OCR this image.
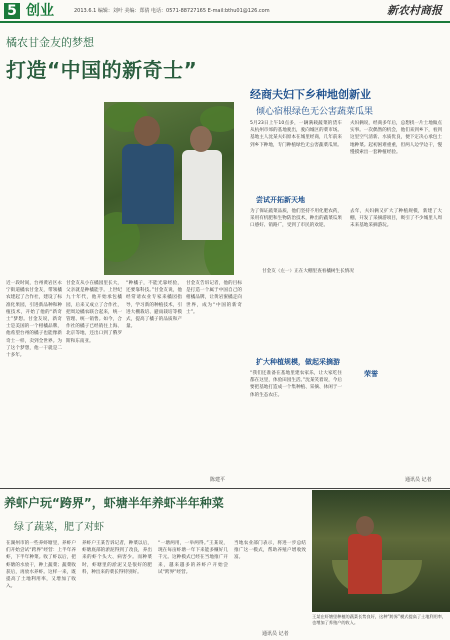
5 创业	2013.6.1 编辑：刘叶 美编：郑倩 电话：0571-88727165 E-mail:bthu01@126.com	新农村商报
橘农甘金友的梦想
打造“中国的新奇士”
甘金友（左一）正在大棚里查看橘树生长情况
近一段时间，台州黄岩区永宁街道橘农甘金友，带领橘农建起了合作社，建设了标准化果园，引进新品种和种植技术，开始了他的“新奇士”梦想。甘金友说，新奇士是美国的一个柑橘品牌，他希望台州的橘子也能像新奇士一样，卖到全世界。为了这个梦想，他一干就是二十多年。
甘金友从小在橘园里长大，父亲就是种橘能手。上世纪九十年代，他开始承包橘园，后来又成立了合作社，把周边橘农联合起来，统一管理、统一销售。如今，合作社的橘子已经销往上海、北京等地，还出口到了俄罗斯和东南亚。
“种橘子，不能光靠经验，还要靠科技。”甘金友说，他经常请农业专家来橘园指导，学习新的种植技术，引进大棚栽培、避雨栽培等模式，提高了橘子的品质和产量。
甘金友告诉记者，他的目标是打造一个属于中国自己的柑橘品牌，让黄岩蜜橘走向世界，成为“中国的新奇士”。
陈建平
经商夫妇下乡种地创新业
倾心宿根绿色无公害蔬菜瓜果
5月23日上午10点多，一辆满载蔬菜的货车从杭州市郊的基地驶出，驶向城区的菜市场。基地主人沈某夫妇原本在城里经商，几年前来到乡下种地，专门种植绿色无公害蔬菜瓜果。
夫妇俩说，经商多年后，总想找一片土地做点实事。一次偶然的机会，他们来到乡下，看到这里空气清新、水质优良，便下定决心承包土地种菜。起初困难重重，但两人边学边干，慢慢摸索出一套种植经验。
尝试开拓新天地
为了保证蔬菜品质，他们坚持不用化肥农药，采用有机肥和生物防治技术，种出的蔬菜瓜果口感好、销路广，受到了市民的欢迎。
去年，夫妇俩又扩大了种植规模，新建了大棚，开发了采摘游项目，吸引了不少城里人周末来基地采摘游玩。
扩大种植规模，做起采摘游
“我们还准备在基地里建农家乐，让大家吃住都在这里，体验田园生活。”沈某笑着说，今后要把基地打造成一个集种植、采摘、休闲于一体的生态农庄。
荣誉
通讯员 记者
养虾户玩“跨界”，虾塘半年养虾半年种菜
绿了蔬菜，肥了对虾
在湖州市的一些养虾塘里，养虾户们开始尝试“跨界”经营：上半年养虾，下半年种菜。收了虾以后，把虾塘的水放干，种上蔬菜；蔬菜收获后，再放水养虾。这样一来，既提高了土地利用率，又增加了收入。
养虾户王某告诉记者，种菜以后，虾塘底部的淤泥得到了改良，养出来的虾个头大、病害少。而种菜时，虾塘里的淤泥又是很好的肥料，种出来的菜长得特别好。
“一塘两用，一举两得。”王某说，现在每亩虾塘一年下来能多赚好几千元。这种模式已经在当地推广开来，越来越多的养虾户开始尝试“跨界”经营。
当地农业部门表示，将进一步总结推广这一模式，帮助养殖户增收致富。
通讯员 记者
王某在虾塘里种植的蔬菜长势良好，这种“跨界”模式提高了土地利用率，也增加了养殖户的收入。
